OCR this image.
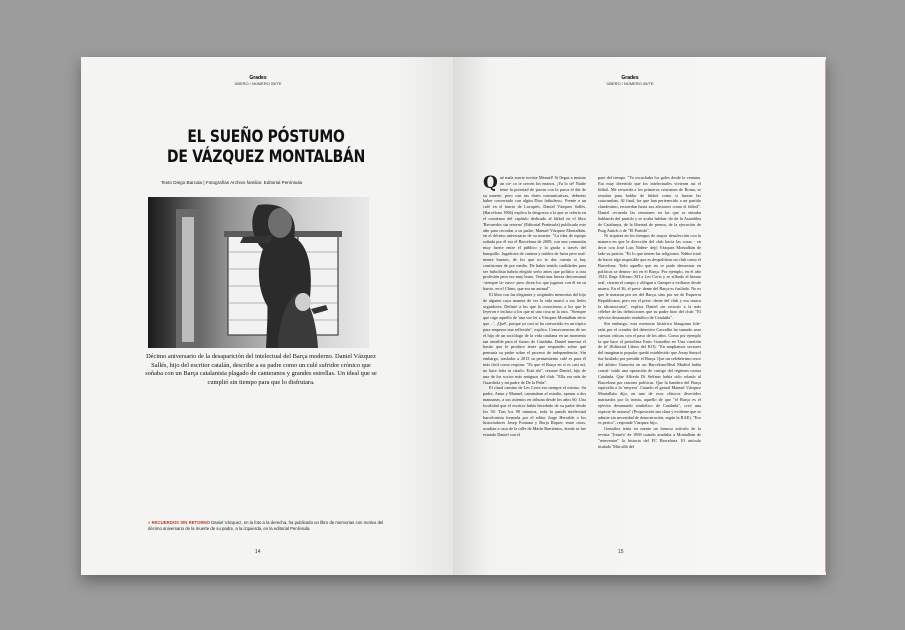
Grades
ÚBERO / NÚMERO 05/TE
EL SUEÑO PÓSTUMO
DE VÁZQUEZ MONTALBÁN
Texto Diego Barcala | Fotografías Archivo familiar. Editorial Península

Décimo aniversario de la desaparición del intelectual del Barça moderno. Daniel Vázquez Sallés, hijo del escritor catalán, describe a su padre como un culé sufridor crónico que soñaba con un Barça catalanista plagado de canteranos y grandes estrellas. Un ideal que se cumplió sin tiempo para que lo disfrutara.

» RECUERDOS SIN RETORNO Daniel Vázquez, en la foto a la derecha, ha publicado un libro de memorias con motivo del décimo aniversario de la muerte de su padre, a la izquierda, en la editorial Península.

14
Grades
ÚBERO / NÚMERO 05/TE

Qué mala suerte tuviste Manuel! Si llegas a montar un cir- co te crecen los enanos. ¡Ya lo sé! Nadie tiene la potestad de pactar con la parca el día de su muerte, pero con tus dotes comunicativas, deberías haber concertado con algún Dios futbolero». Frente a un café en el barrio de Lavapiés, Daniel Vázquez Sallés, (Barcelona 1966) explica la desgracia a la que se refería en el comienzo del capítulo dedicado al fútbol en el libro 'Recuerdos sin retorno' (Editorial Península) publicado este año para recordar a su padre, Manuel Vázquez Montalbán, en el décimo aniversario de su muerte. "La idea de equipo soñada por él era el Barcelona de 2009, con una comunión muy fuerte entre el público y la grada a través del banquillo. Jugadores de cantera y traídos de fuera pero mal- mente buenos, de los que no te das cuenta si hay comisiones de por medio. De haber tenido cualidades para ser futbolista habría elegido serlo antes que político u otra profesión pero era muy bruto. Tenía una fuerza descomunal -siempre la- navo- pero dicen los que jugaron con él en su barrio, en el Chino, que era un animal".

El libro con las elegantes y originales memorias del hijo de alguien cuya manera de ver la vida marcó a sus fieles seguidores. Definió a los que la conocieron, a los que le leyeron e incluso a los que ni una cosa ni la otra. "Siempre que oigo aquello de 'una vez leí a Vázquez Montalbán decir que…', ¡Qué!, porque ya casi se ha convertido en un tópico para empezar una reflexión", explica. Consecuencias de ser el hijo de un sociólogo de la vida catalana en un momento tan sensible para el futuro de Cataluña. Daniel muestra el hastío que le produce tener que responder sobre qué pensaría su padre sobre el proceso de independencia. Sin embargo, traslador a 2013 su pensamiento culé es para él más fácil como respirar. "Es que el Barça en sí es casi así, no hace falta ni citarlo. Está ahí", resume Daniel, hijo de una de los socios más antiguos del club. "Ella era más de Guardiola y mi padre de De la Peña".

El ritual camino de Les Corts era siempre el mismo. Su padre, Anna y Manuel, caminaban al estadio, apenas a dos manzanas, a sus asientos en tribuna desde los años 60. Una localidad que el escritor había heredado de su padre desde los 50. Tras los 90 minutos, toda la pandá intelectual barcelonista formada por el editor Jorge Herralde o los historiadores Josep Fontana y Borja Riquer, entre otros, acudían a casa de la calle de Marín Barrientos, donde se fue estando Daniel con el

pare del tiempo. "Yo escuchaba los goles desde la ventana. Era muy divertido que los intelectuales vivieran así el fútbol. Me recuerda a los primeros cristianos de Roma, se reunían para hablar de fútbol como si fueran las catacumbas. Al final, los que han pertenecido a un partido clandestino, recuerdan hasta sus aficiones como el fútbol". Daniel recuerda las reuniones en las que se entraba hablando del partido y se acaba hablan- do de la Asamblea de Catalunya, de la libertad de prensa, de la ejecución de Puig Antich o de "El Partido".

Ni siquiera en los tiempos de mayor desafección con la manera en que la dirección del club hacía las cosas - en decir con José Luis Núñez- dejó Vázquez Montalbán de lado su pasión. "Es lo que tienen las religiones. Núñez trató de hacer algo imposible que es despolitizar un club como el Barcelona. Todo aquello que no se pudo demostrar en políticas se demos- tró en el Barça. Por ejemplo, en el año 1923, llega Alfonso XII a Les Corts y se silbado el himno real, cierran el campo y obligan a Gamper a exiliarse desde muero. En el 36, el presi- dente del Barça es fusilado. No es que le mataran por ser del Barça, sino por ser de Esquerra Republicana, pero era el presi- dente del club y eso marca la idiosincrasia", explica Daniel sin recurrir a la más célebre de las definiciones que su padre hizo del club: "El ejército desarmado simbólico de Cataluña".

Sin embargo, esta memoria histórica blaugrana lide- rada por el creador del detective Carvalho ha sumado usar cuestas críticas con el paso de los años. Como por ejemplo la que hace el periodista Enric González en 'Una cuestión de fe' (Editorial Libros del KO): "En ampliamos sectores del imaginario popular quedó establecido que Josep Sunyol fue fusilado por presidir el Barça. Que un celebérrimo error del árbitro Guruceta en un Barcelona-Real Madrid había consti- tuido una operación de castigo del régimen contra Cataluña. Que Alfredo Di Stéfano había sido robado al Barcelona por razones políticas. Que la bandera del Barça equivalía a la 'senyera'. Cuando el genial Manuel Vázquez Montalbán dijo, en uno de esos clásicos divertidos matizados por la ironía, aquello de que "el Barça es el ejército desarmado simbólico de Cataluña", creó una especie de axioma" (Proposición tan clara y evidente que se admite sin necesidad de demostración, según la RAE). "Eso es perico", responde Vázquez hijo.

González tenía en mente un famoso artículo de la revista 'Triunfo' de 1969 cuando acuñaba a Montalbán de "reinventar" la historia del FC Barcelona. El artículo titulado 'Más allá del

15
